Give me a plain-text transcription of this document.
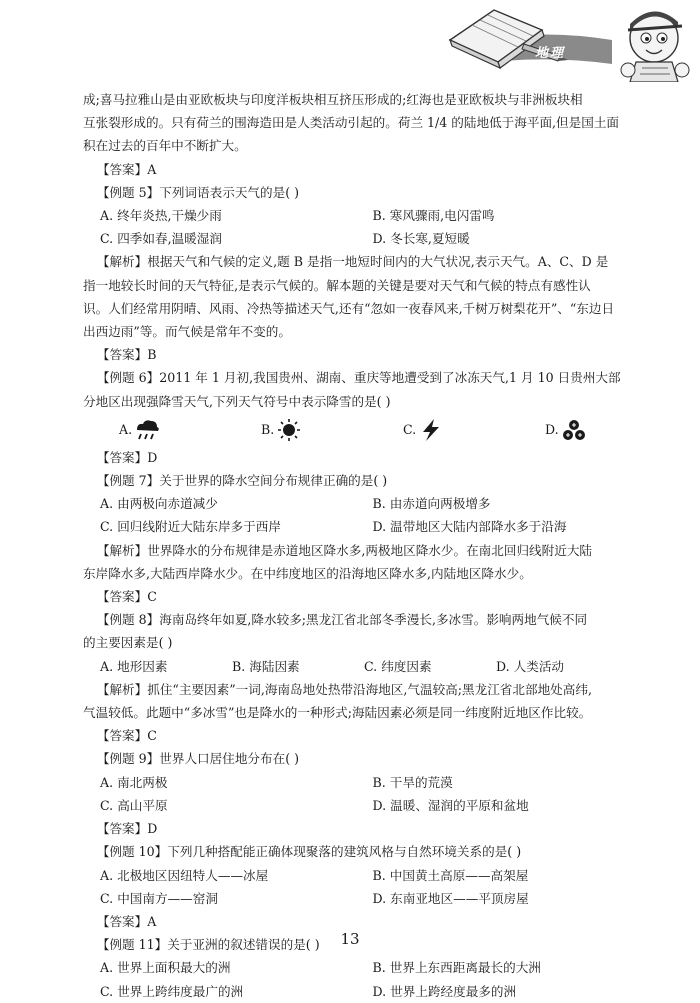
地理

成;喜马拉雅山是由亚欧板块与印度洋板块相互挤压形成的;红海也是亚欧板块与非洲板块相

互张裂形成的。只有荷兰的围海造田是人类活动引起的。荷兰 1/4 的陆地低于海平面,但是国土面

积在过去的百年中不断扩大。

【答案】A

【例题 5】下列词语表示天气的是( )

A. 终年炎热,干燥少雨	B. 寒风骤雨,电闪雷鸣
C. 四季如春,温暖湿润	D. 冬长寒,夏短暖

【解析】根据天气和气候的定义,题 B 是指一地短时间内的大气状况,表示天气。A、C、D 是

指一地较长时间的天气特征,是表示气候的。解本题的关键是要对天气和气候的特点有感性认

识。人们经常用阴晴、风雨、冷热等描述天气,还有“忽如一夜春风来,千树万树梨花开”、“东边日

出西边雨”等。而气候是常年不变的。

【答案】B

【例题 6】2011 年 1 月初,我国贵州、湖南、重庆等地遭受到了冰冻天气,1 月 10 日贵州大部

分地区出现强降雪天气,下列天气符号中表示降雪的是( )

A.	B.	C.	D.

【答案】D

【例题 7】关于世界的降水空间分布规律正确的是( )

A. 由两极向赤道减少	B. 由赤道向两极增多
C. 回归线附近大陆东岸多于西岸	D. 温带地区大陆内部降水多于沿海

【解析】世界降水的分布规律是赤道地区降水多,两极地区降水少。在南北回归线附近大陆

东岸降水多,大陆西岸降水少。在中纬度地区的沿海地区降水多,内陆地区降水少。

【答案】C

【例题 8】海南岛终年如夏,降水较多;黑龙江省北部冬季漫长,多冰雪。影响两地气候不同

的主要因素是( )

A. 地形因素	B. 海陆因素	C. 纬度因素	D. 人类活动

【解析】抓住“主要因素”一词,海南岛地处热带沿海地区,气温较高;黑龙江省北部地处高纬,

气温较低。此题中“多冰雪”也是降水的一种形式;海陆因素必须是同一纬度附近地区作比较。

【答案】C

【例题 9】世界人口居住地分布在( )

A. 南北两极	B. 干旱的荒漠
C. 高山平原	D. 温暖、湿润的平原和盆地

【答案】D

【例题 10】下列几种搭配能正确体现聚落的建筑风格与自然环境关系的是( )

A. 北极地区因纽特人——冰屋	B. 中国黄土高原——高架屋
C. 中国南方——窑洞	D. 东南亚地区——平顶房屋

【答案】A

【例题 11】关于亚洲的叙述错误的是( )

A. 世界上面积最大的洲	B. 世界上东西距离最长的大洲
C. 世界上跨纬度最广的洲	D. 世界上跨经度最多的洲
13
